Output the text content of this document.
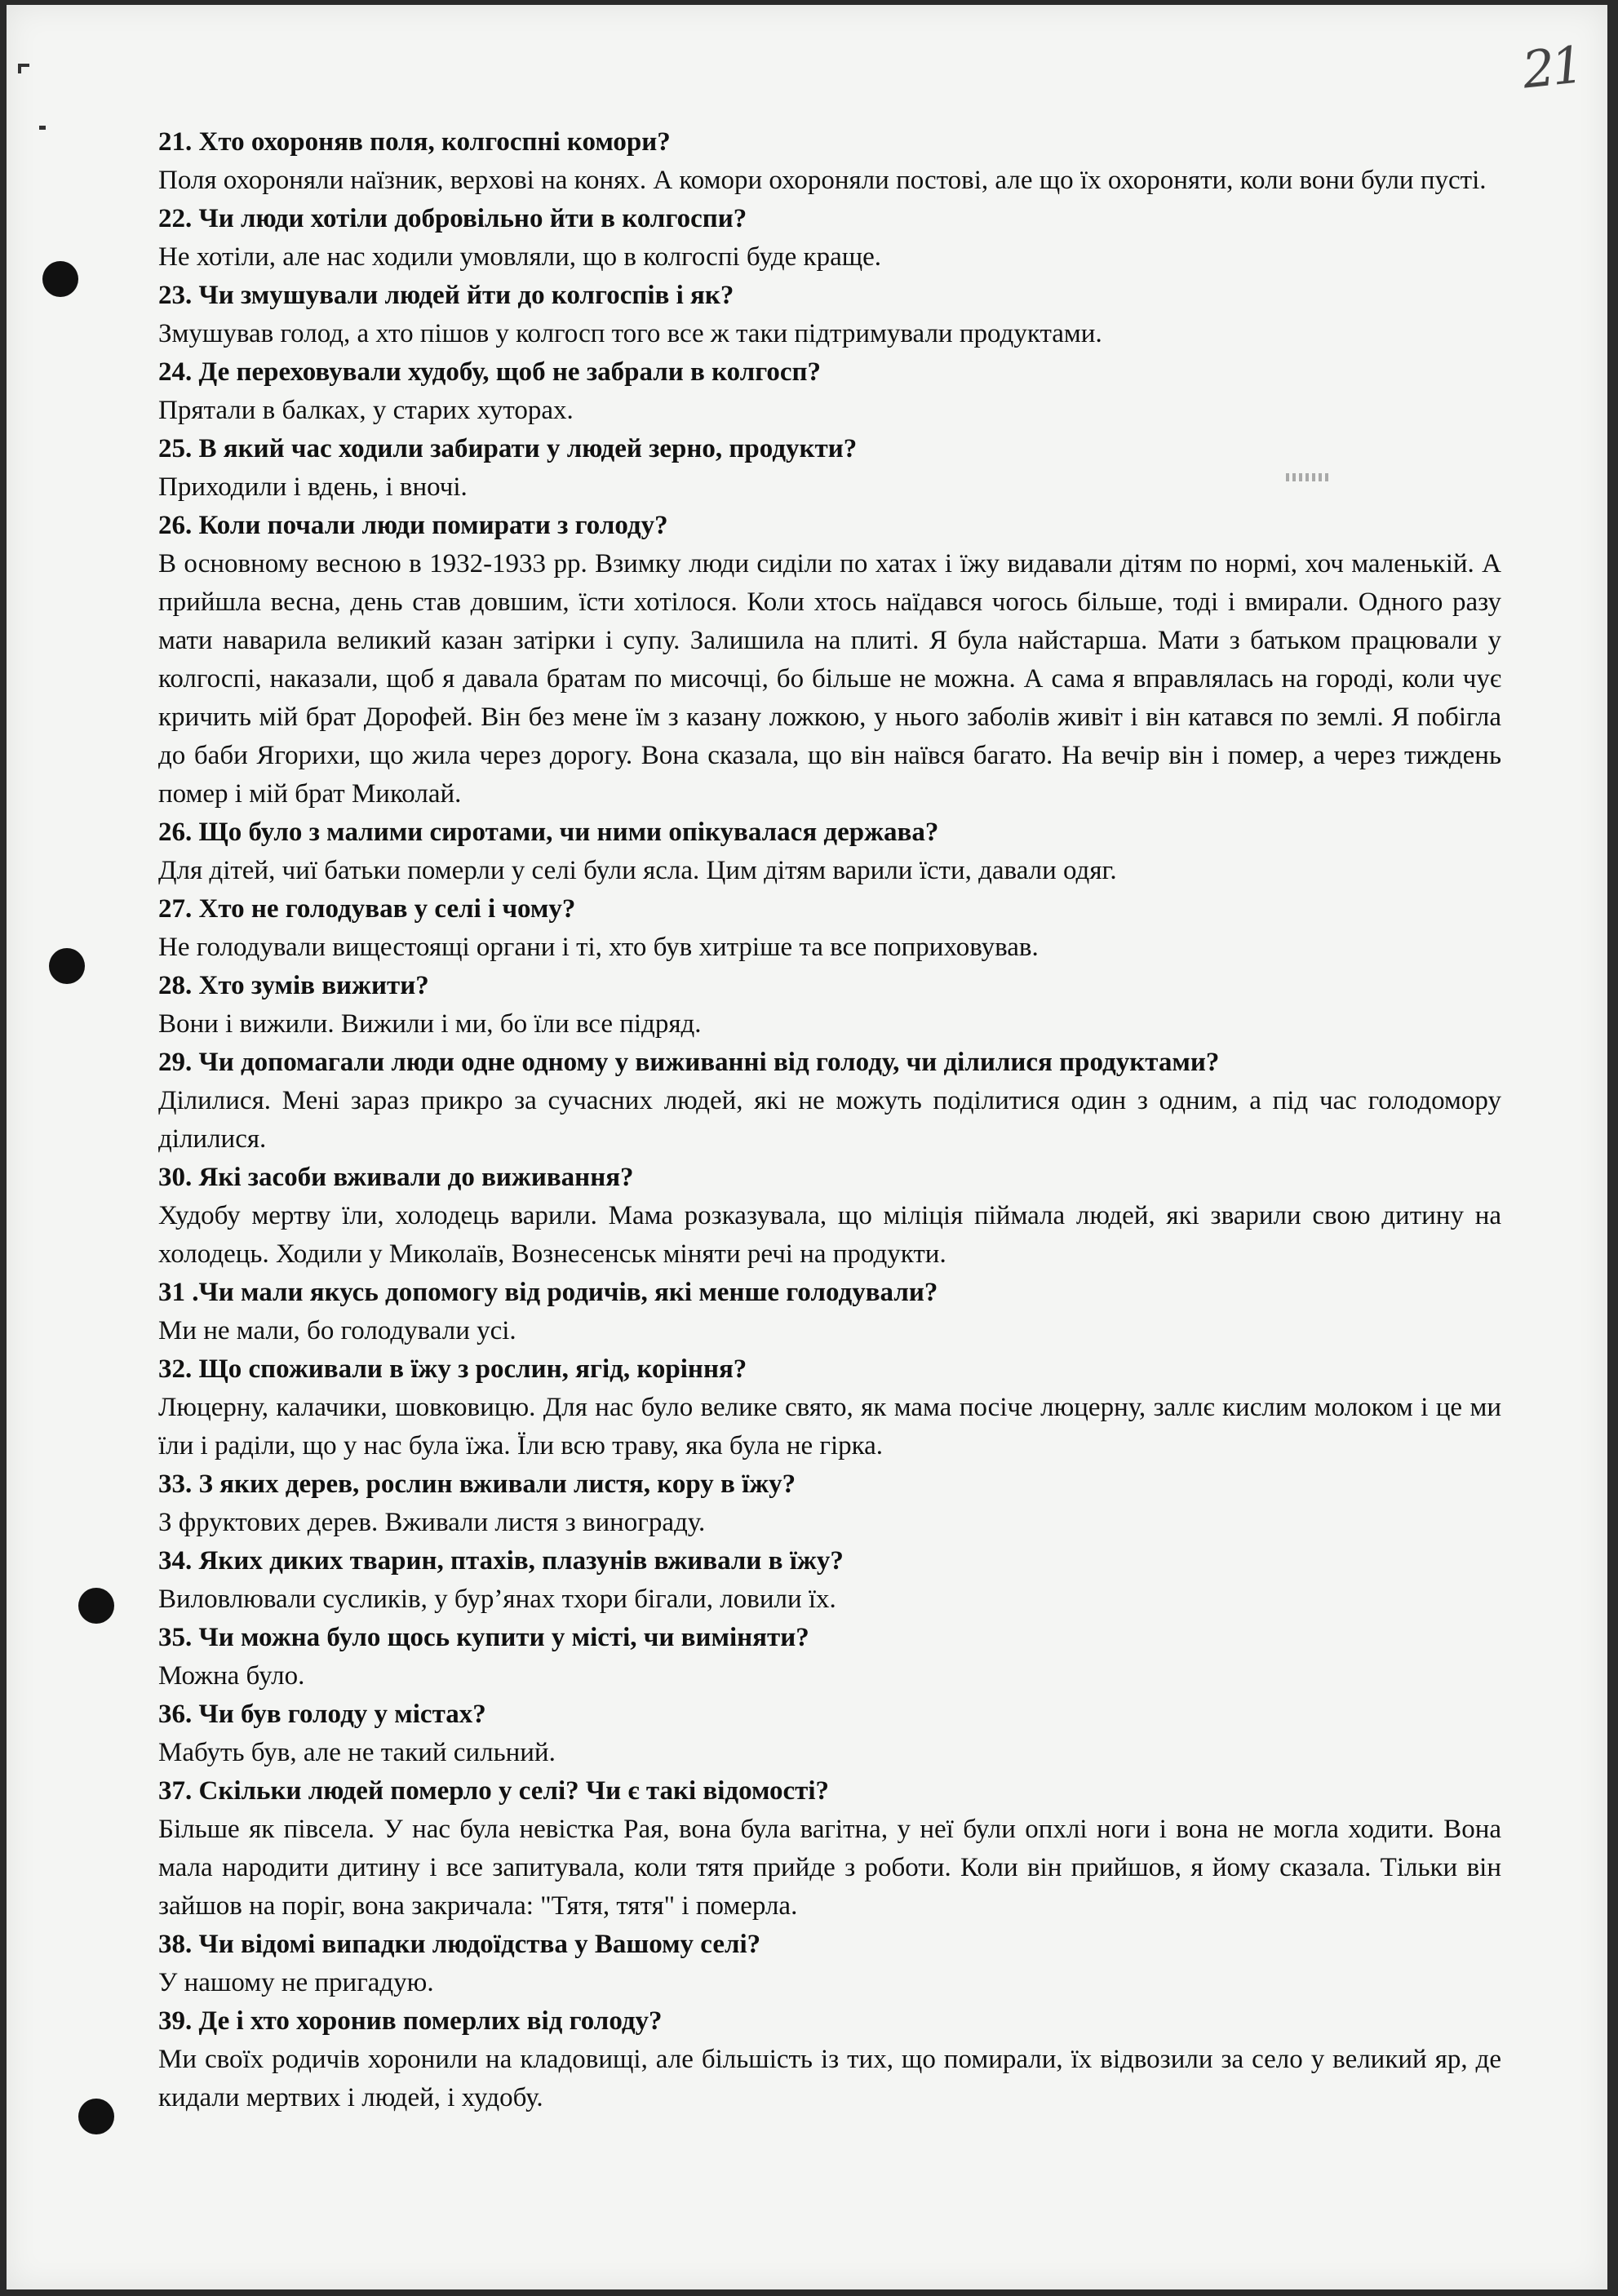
21

21. Хто охороняв поля, колгоспні комори?

Поля охороняли наїзник, верхові на конях. А комори охороняли постові, але що їх охороняти, коли вони були пусті.

22. Чи люди хотіли добровільно йти в колгоспи?

Не хотіли, але нас ходили умовляли, що в колгоспі буде краще.

23. Чи змушували людей йти до колгоспів і як?

Змушував голод, а хто пішов у колгосп того все ж таки підтримували продуктами.

24. Де переховували худобу, щоб не забрали в колгосп?

Прятали в балках, у старих хуторах.

25. В який час ходили забирати у людей зерно, продукти?

Приходили і вдень, і вночі.

26. Коли почали люди помирати з голоду?

В основному весною в 1932-1933 рр. Взимку люди сиділи по хатах і їжу видавали дітям по нормі, хоч маленькій. А прийшла весна, день став довшим, їсти хотілося. Коли хтось наїдався чогось більше, тоді і вмирали. Одного разу мати наварила великий казан затірки і супу. Залишила на плиті. Я була найстарша. Мати з батьком працювали у колгоспі, наказали, щоб я давала братам по мисочці, бо більше не можна. А сама я вправлялась на городі, коли чує кричить мій брат Дорофей. Він без мене їм з казану ложкою, у нього заболів живіт і він катався по землі. Я побігла до баби Ягорихи, що жила через дорогу. Вона сказала, що він наївся багато. На вечір він і помер, а через тиждень помер і мій брат Миколай.

26. Що було з малими сиротами, чи ними опікувалася держава?

Для дітей, чиї батьки померли у селі були ясла. Цим дітям варили їсти, давали одяг.

27. Хто не голодував у селі і чому?

Не голодували вищестоящі органи і ті, хто був хитріше та все поприховував.

28. Хто зумів вижити?

Вони і вижили. Вижили і ми, бо їли все підряд.

29. Чи допомагали люди одне одному у виживанні від голоду, чи ділилися продуктами?

Ділилися. Мені зараз прикро за сучасних людей, які не можуть поділитися один з одним, а під час голодомору ділилися.

30. Які засоби вживали до виживання?

Худобу мертву їли, холодець варили. Мама розказувала, що міліція піймала людей, які зварили свою дитину на холодець. Ходили у Миколаїв, Вознесенськ міняти речі на продукти.

31 .Чи мали якусь допомогу від родичів, які менше голодували?

Ми не мали, бо голодували усі.

32. Що споживали в їжу з рослин, ягід, коріння?

Люцерну, калачики, шовковицю. Для нас було велике свято, як мама посіче люцерну, заллє кислим молоком і це ми їли і раділи, що у нас була їжа. Їли всю траву, яка була не гірка.

33. З яких дерев, рослин вживали листя, кору в їжу?

З фруктових дерев. Вживали листя з винограду.

34. Яких диких тварин, птахів, плазунів вживали в їжу?

Виловлювали сусликів, у бур’янах тхори бігали, ловили їх.

35. Чи можна було щось купити у місті, чи виміняти?

Можна було.

36. Чи був голоду у містах?

Мабуть був, але не такий сильний.

37. Скільки людей померло у селі? Чи є такі відомості?

Більше як півсела. У нас була невістка Рая, вона була вагітна, у неї були опхлі ноги і вона не могла ходити. Вона мала народити дитину і все запитувала, коли тятя прийде з роботи. Коли він прийшов, я йому сказала. Тільки він зайшов на поріг, вона закричала: "Тятя, тятя" і померла.

38. Чи відомі випадки людоїдства у Вашому селі?

У нашому не пригадую.

39. Де і хто хоронив померлих від голоду?

Ми своїх родичів хоронили на кладовищі, але більшість із тих, що помирали, їх відвозили за село у великий яр, де кидали мертвих і людей, і худобу.
